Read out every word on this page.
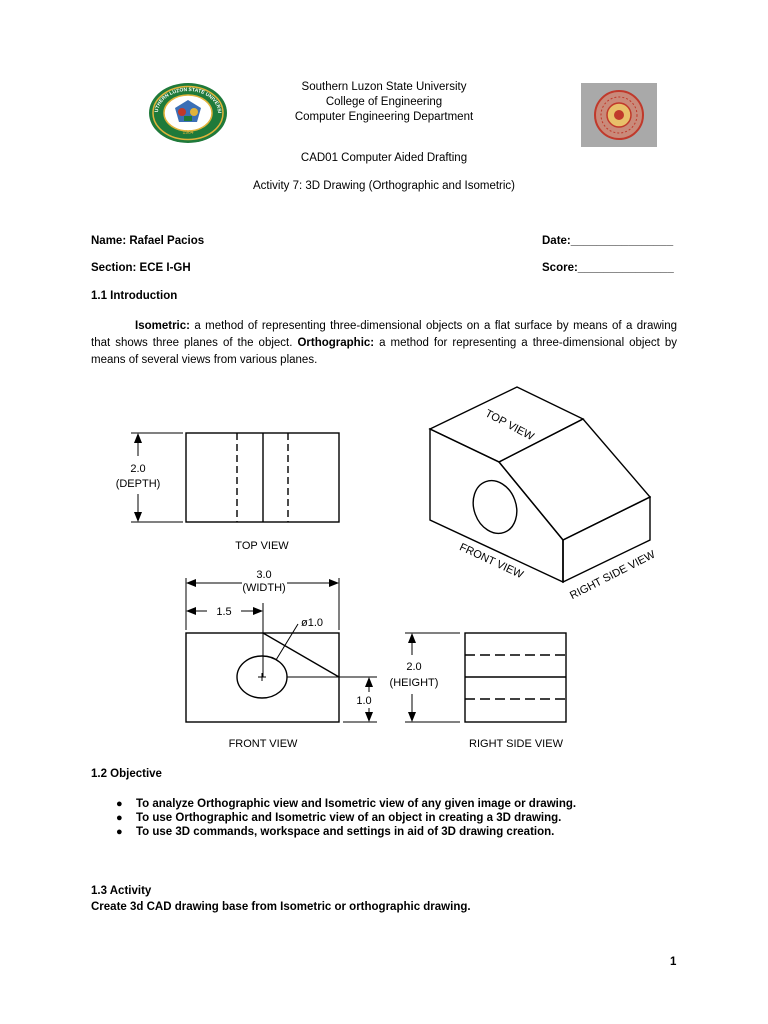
1964
UTHERN LUZON STATE UNIVERSI
Southern Luzon State University
College of Engineering
Computer Engineering Department
CAD01 Computer Aided Drafting
Activity 7: 3D Drawing (Orthographic and Isometric)
Name: Rafael Pacios	Date:________________
Section: ECE I-GH	Score:_______________
1.1 Introduction
Isometric: a method of representing three-dimensional objects on a flat surface by means of a drawing that shows three planes of the object. Orthographic: a method for representing a three-dimensional object by means of several views from various planes.
2.0
(DEPTH)
TOP VIEW
3.0
(WIDTH)
1.5
ø1.0
1.0
FRONT VIEW
2.0
(HEIGHT)
RIGHT SIDE VIEW
TOP VIEW
FRONT VIEW	RIGHT SIDE VIEW
1.2 Objective
● To analyze Orthographic view and Isometric view of any given image or drawing.
● To use Orthographic and Isometric view of an object in creating a 3D drawing.
● To use 3D commands, workspace and settings in aid of 3D drawing creation.
1.3 Activity
Create 3d CAD drawing base from Isometric or orthographic drawing.
1
